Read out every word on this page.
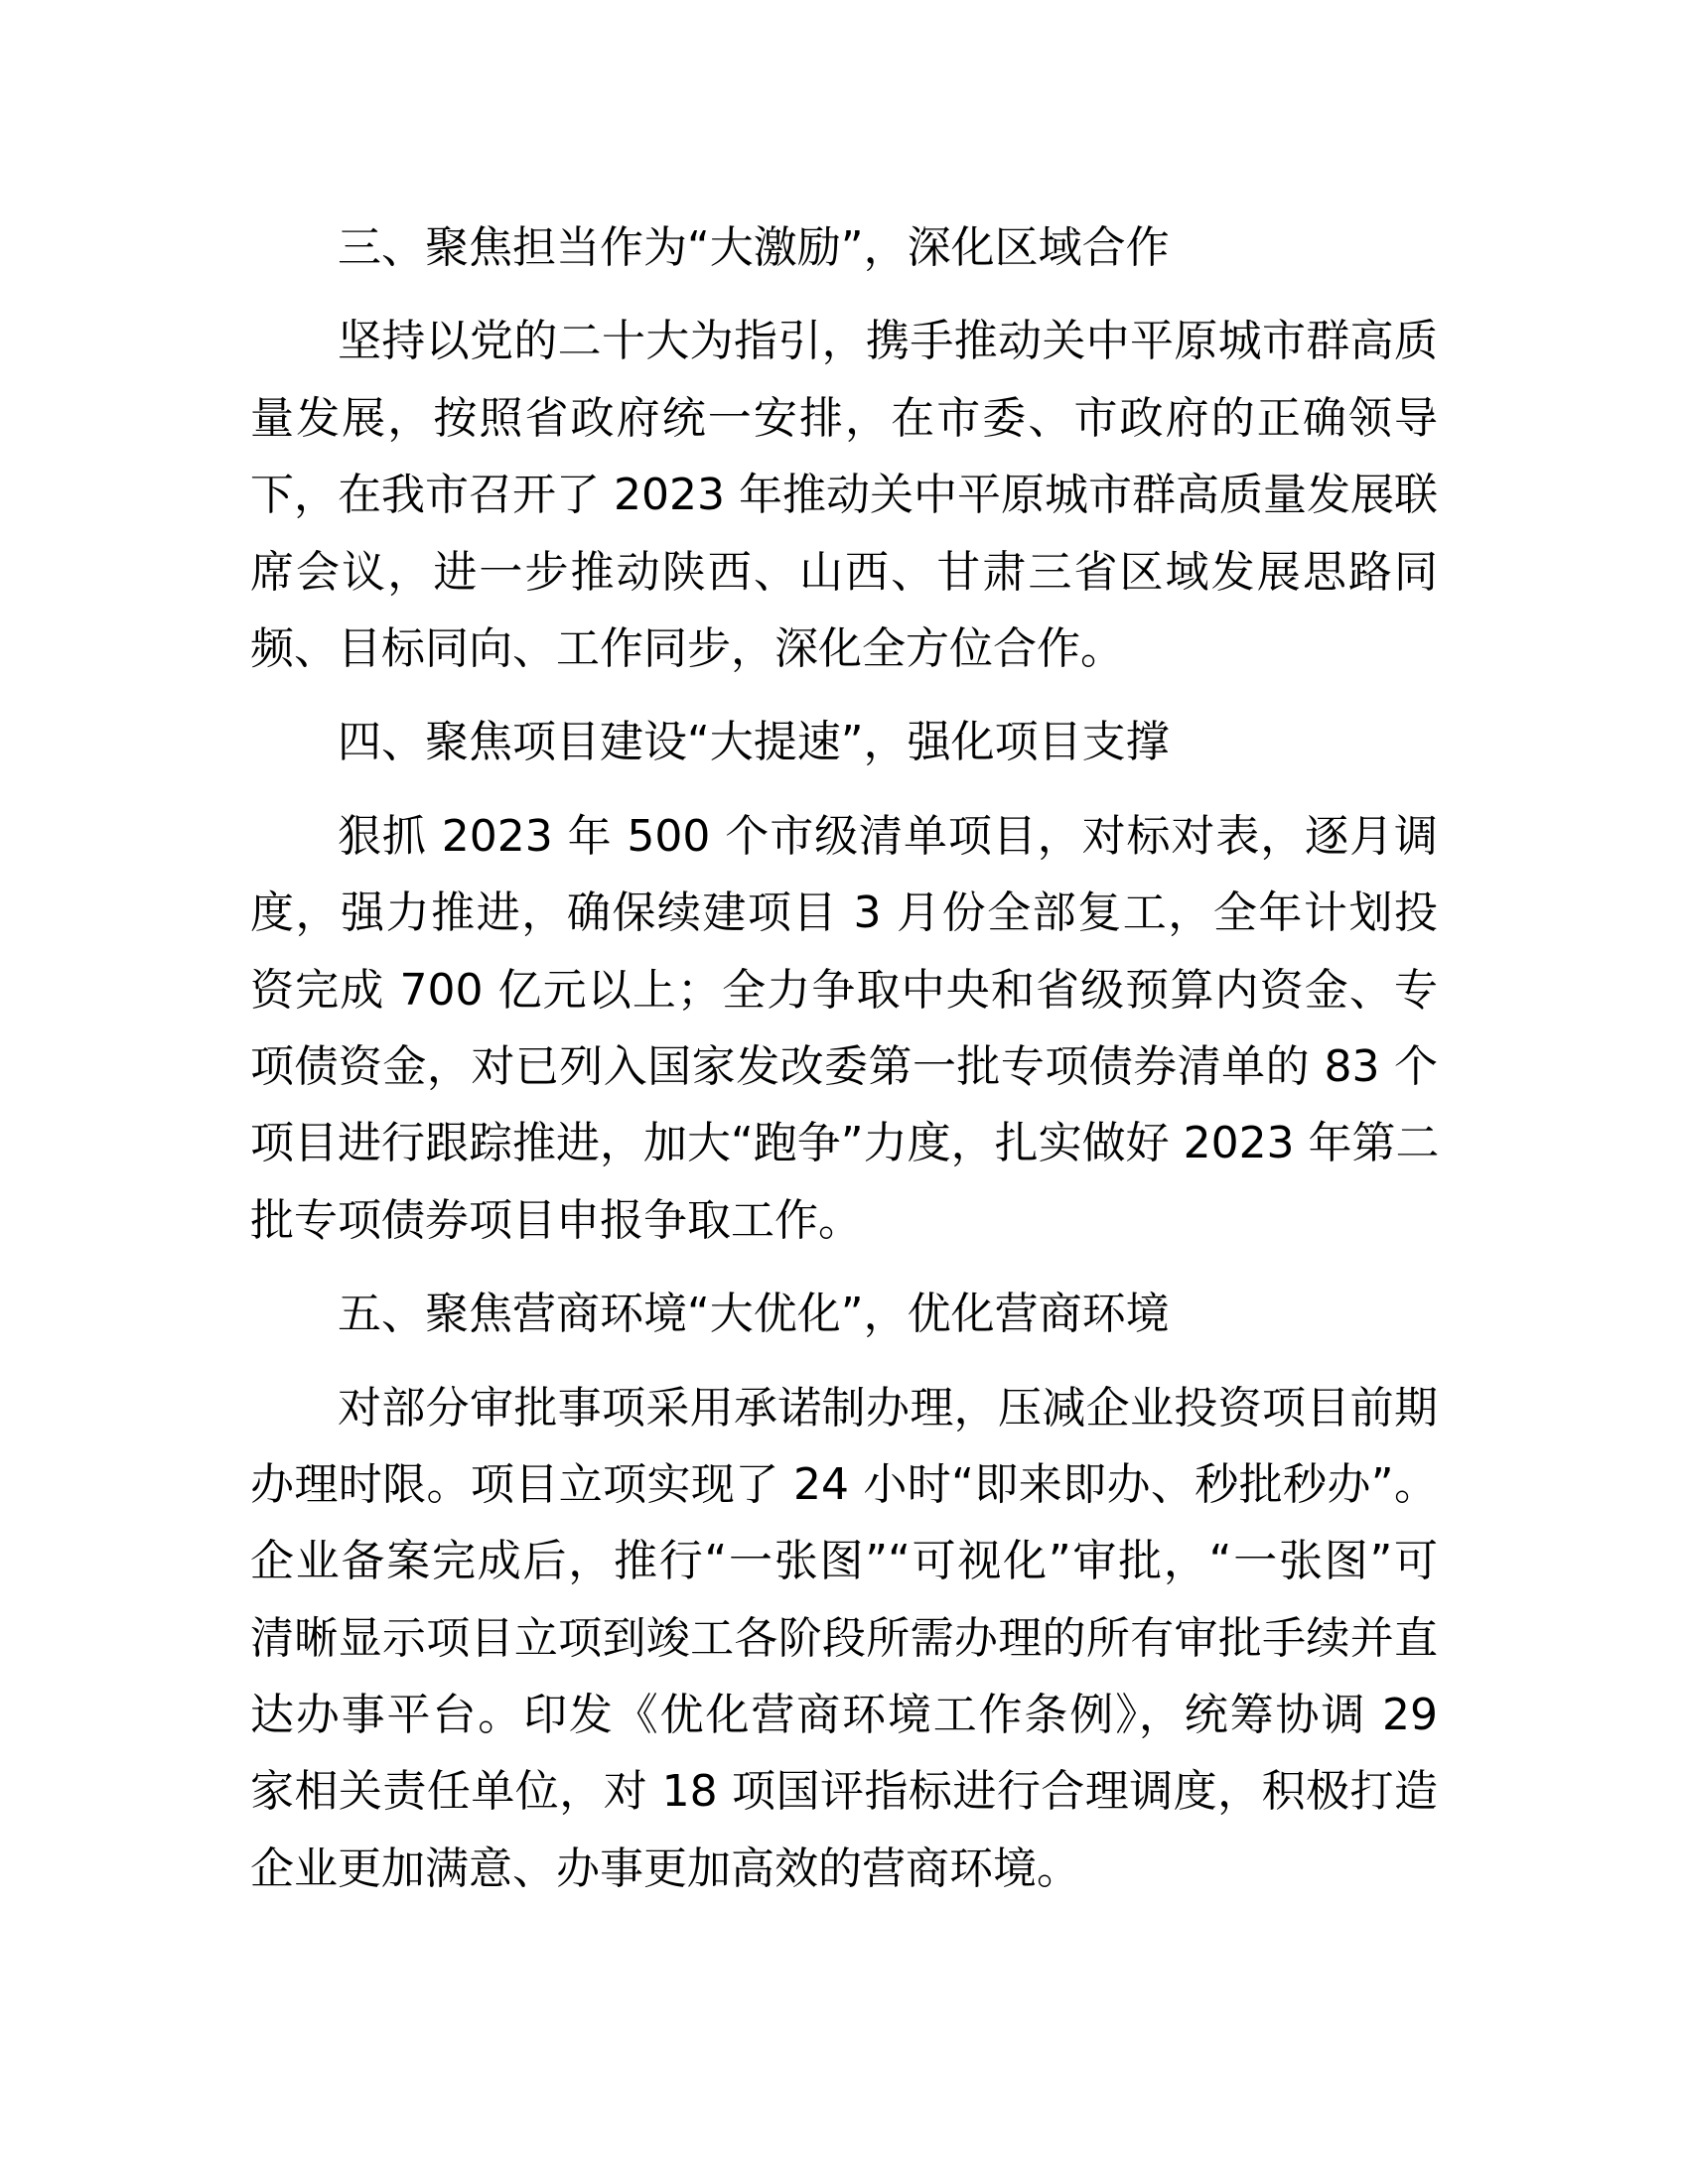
三、聚焦担当作为“大激励”，深化区域合作
坚持以党的二十大为指引，携手推动关中平原城市群高质
量发展，按照省政府统一安排，在市委、市政府的正确领导
下，在我市召开了 2023 年推动关中平原城市群高质量发展联
席会议，进一步推动陕西、山西、甘肃三省区域发展思路同
频、目标同向、工作同步，深化全方位合作。
四、聚焦项目建设“大提速”，强化项目支撑
狠抓 2023 年 500 个市级清单项目，对标对表，逐月调
度，强力推进，确保续建项目 3 月份全部复工，全年计划投
资完成 700 亿元以上；全力争取中央和省级预算内资金、专
项债资金，对已列入国家发改委第一批专项债券清单的 83 个
项目进行跟踪推进，加大“跑争”力度，扎实做好 2023 年第二
批专项债券项目申报争取工作。
五、聚焦营商环境“大优化”，优化营商环境
对部分审批事项采用承诺制办理，压减企业投资项目前期
办理时限。项目立项实现了 24 小时“即来即办、秒批秒办”。
企业备案完成后，推行“一张图”“可视化”审批，“一张图”可
清晰显示项目立项到竣工各阶段所需办理的所有审批手续并直
达办事平台。印发《优化营商环境工作条例》，统筹协调 29
家相关责任单位，对 18 项国评指标进行合理调度，积极打造
企业更加满意、办事更加高效的营商环境。
